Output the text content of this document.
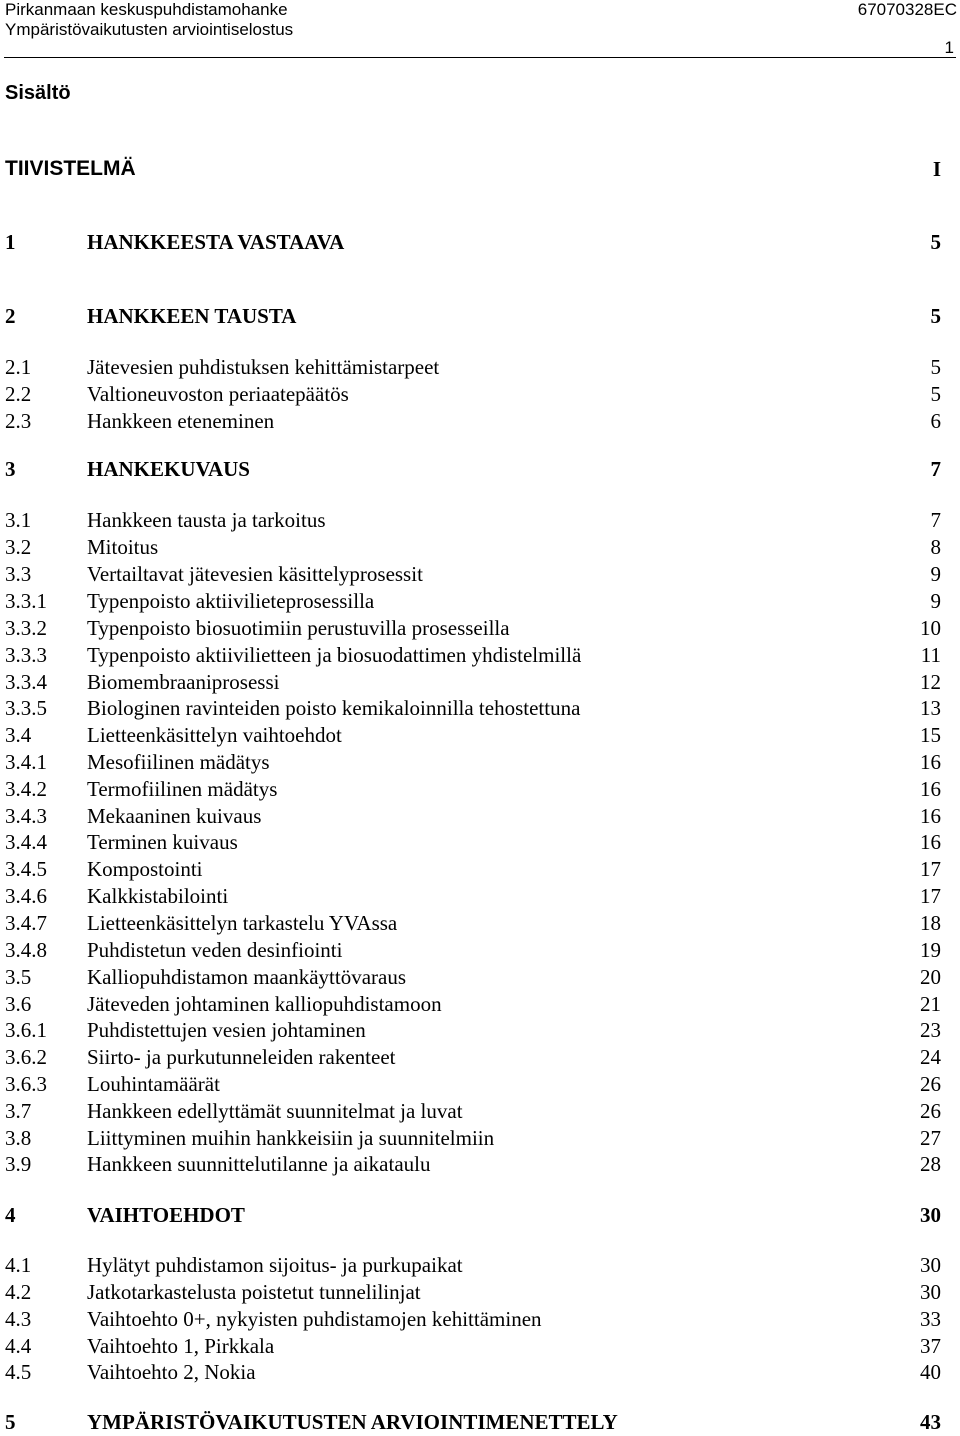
Pirkanmaan keskuspuhdistamohanke
Ympäristövaikutusten arviointiselostus
67070328EC
1
Sisältö
TIIVISTELMÄ	I
1	HANKKEESTA VASTAAVA	5
2	HANKKEEN TAUSTA	5
2.1	Jätevesien puhdistuksen kehittämistarpeet	5
2.2	Valtioneuvoston periaatepäätös	5
2.3	Hankkeen eteneminen	6
3	HANKEKUVAUS	7
3.1	Hankkeen tausta ja tarkoitus	7
3.2	Mitoitus	8
3.3	Vertailtavat jätevesien käsittelyprosessit	9
3.3.1 Typenpoisto aktiivilieteprosessilla	9
3.3.2 Typenpoisto biosuotimiin perustuvilla prosesseilla	10
3.3.3 Typenpoisto aktiivilietteen ja biosuodattimen yhdistelmillä	11
3.3.4 Biomembraaniprosessi	12
3.3.5 Biologinen ravinteiden poisto kemikaloinnilla tehostettuna	13
3.4	Lietteenkäsittelyn vaihtoehdot	15
3.4.1 Mesofiilinen mädätys	16
3.4.2 Termofiilinen mädätys	16
3.4.3 Mekaaninen kuivaus	16
3.4.4 Terminen kuivaus	16
3.4.5 Kompostointi	17
3.4.6 Kalkkistabilointi	17
3.4.7 Lietteenkäsittelyn tarkastelu YVAssa	18
3.4.8 Puhdistetun veden desinfiointi	19
3.5	Kalliopuhdistamon maankäyttövaraus	20
3.6	Jäteveden johtaminen kalliopuhdistamoon	21
3.6.1 Puhdistettujen vesien johtaminen	23
3.6.2 Siirto- ja purkutunneleiden rakenteet	24
3.6.3 Louhintamäärät	26
3.7	Hankkeen edellyttämät suunnitelmat ja luvat	26
3.8	Liittyminen muihin hankkeisiin ja suunnitelmiin	27
3.9	Hankkeen suunnittelutilanne ja aikataulu	28
4	VAIHTOEHDOT	30
4.1	Hylätyt puhdistamon sijoitus- ja purkupaikat	30
4.2	Jatkotarkastelusta poistetut tunnelilinjat	30
4.3	Vaihtoehto 0+, nykyisten puhdistamojen kehittäminen	33
4.4	Vaihtoehto 1, Pirkkala	37
4.5	Vaihtoehto 2, Nokia	40
5	YMPÄRISTÖVAIKUTUSTEN ARVIOINTIMENETTELY	43
